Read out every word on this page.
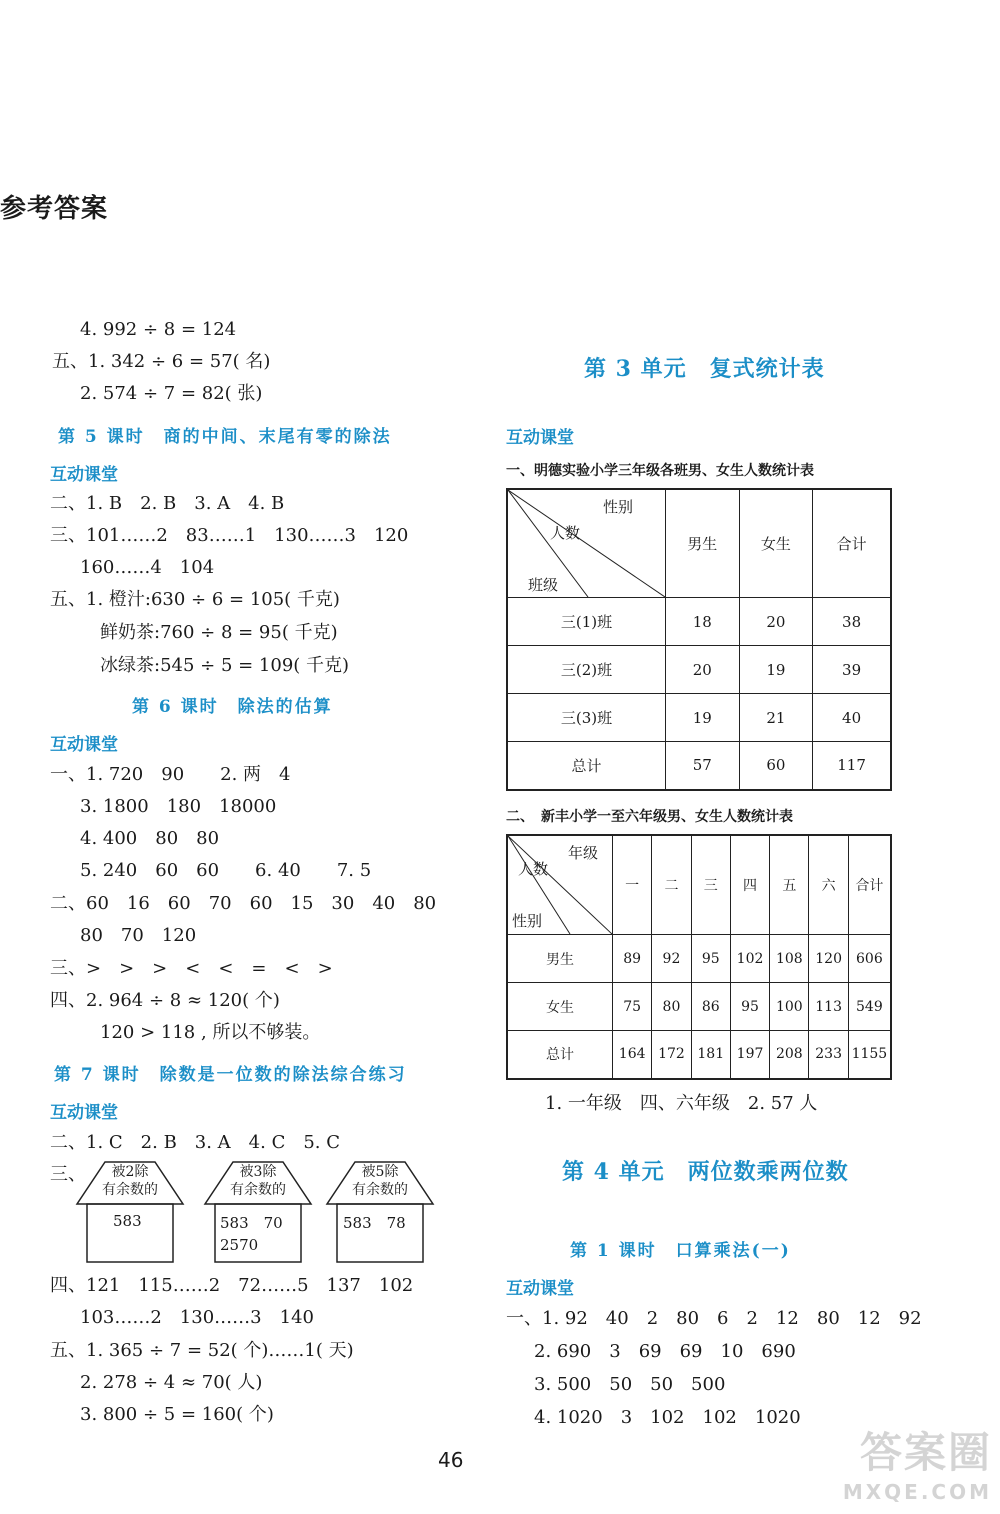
参考答案
4. 992 ÷ 8 = 124
五、1. 342 ÷ 6 = 57( 名)
2. 574 ÷ 7 = 82( 张)
第 5 课时　商的中间、末尾有零的除法
互动课堂
二、1. B　2. B　3. A　4. B
三、101……2　83……1　130……3　120
160……4　104
五、1. 橙汁:630 ÷ 6 = 105( 千克)
鲜奶茶:760 ÷ 8 = 95( 千克)
冰绿茶:545 ÷ 5 = 109( 千克)
第 6 课时　除法的估算
互动课堂
一、1. 720　90　　2. 两　4
3. 1800　180　18000
4. 400　80　80
5. 240　60　60　　6. 40　　7. 5
二、60　16　60　70　60　15　30　40　80
80　70　120
三、>　>　>　<　<　=　<　>
四、2. 964 ÷ 8 ≈ 120( 个)
120 > 118 , 所以不够装。
第 7 课时　除数是一位数的除法综合练习
互动课堂
二、1. C　2. B　3. A　4. C　5. C
三、	被2除
有余数的
583
被3除
有余数的
583　70
2570
被5除
有余数的
583　78
四、121　115……2　72……5　137　102
103……2　130……3　140
五、1. 365 ÷ 7 = 52( 个)……1( 天)
2. 278 ÷ 4 ≈ 70( 人)
3. 800 ÷ 5 = 160( 个)
第 3 单元　复式统计表
互动课堂
一、明德实验小学三年级各班男、女生人数统计表
性别
人数
班级	男生	女生	合计
三(1)班	18	20	38
三(2)班	20	19	39
三(3)班	19	21	40
总计	57	60	117
二、　新丰小学一至六年级男、女生人数统计表
年级
人数
性别	一	二	三	四	五	六	合计
男生	89	92	95	102	108	120	606
女生	75	80	86	95	100	113	549
总计	164	172	181	197	208	233	1155
1. 一年级　四、六年级　2. 57 人
第 4 单元　两位数乘两位数
第 1 课时　口算乘法(一)
互动课堂
一、1. 92　40　2　80　6　2　12　80　12　92
2. 690　3　69　69　10　690
3. 500　50　50　500
4. 1020　3　102　102　1020
46	答案圈
MXQE.COM
